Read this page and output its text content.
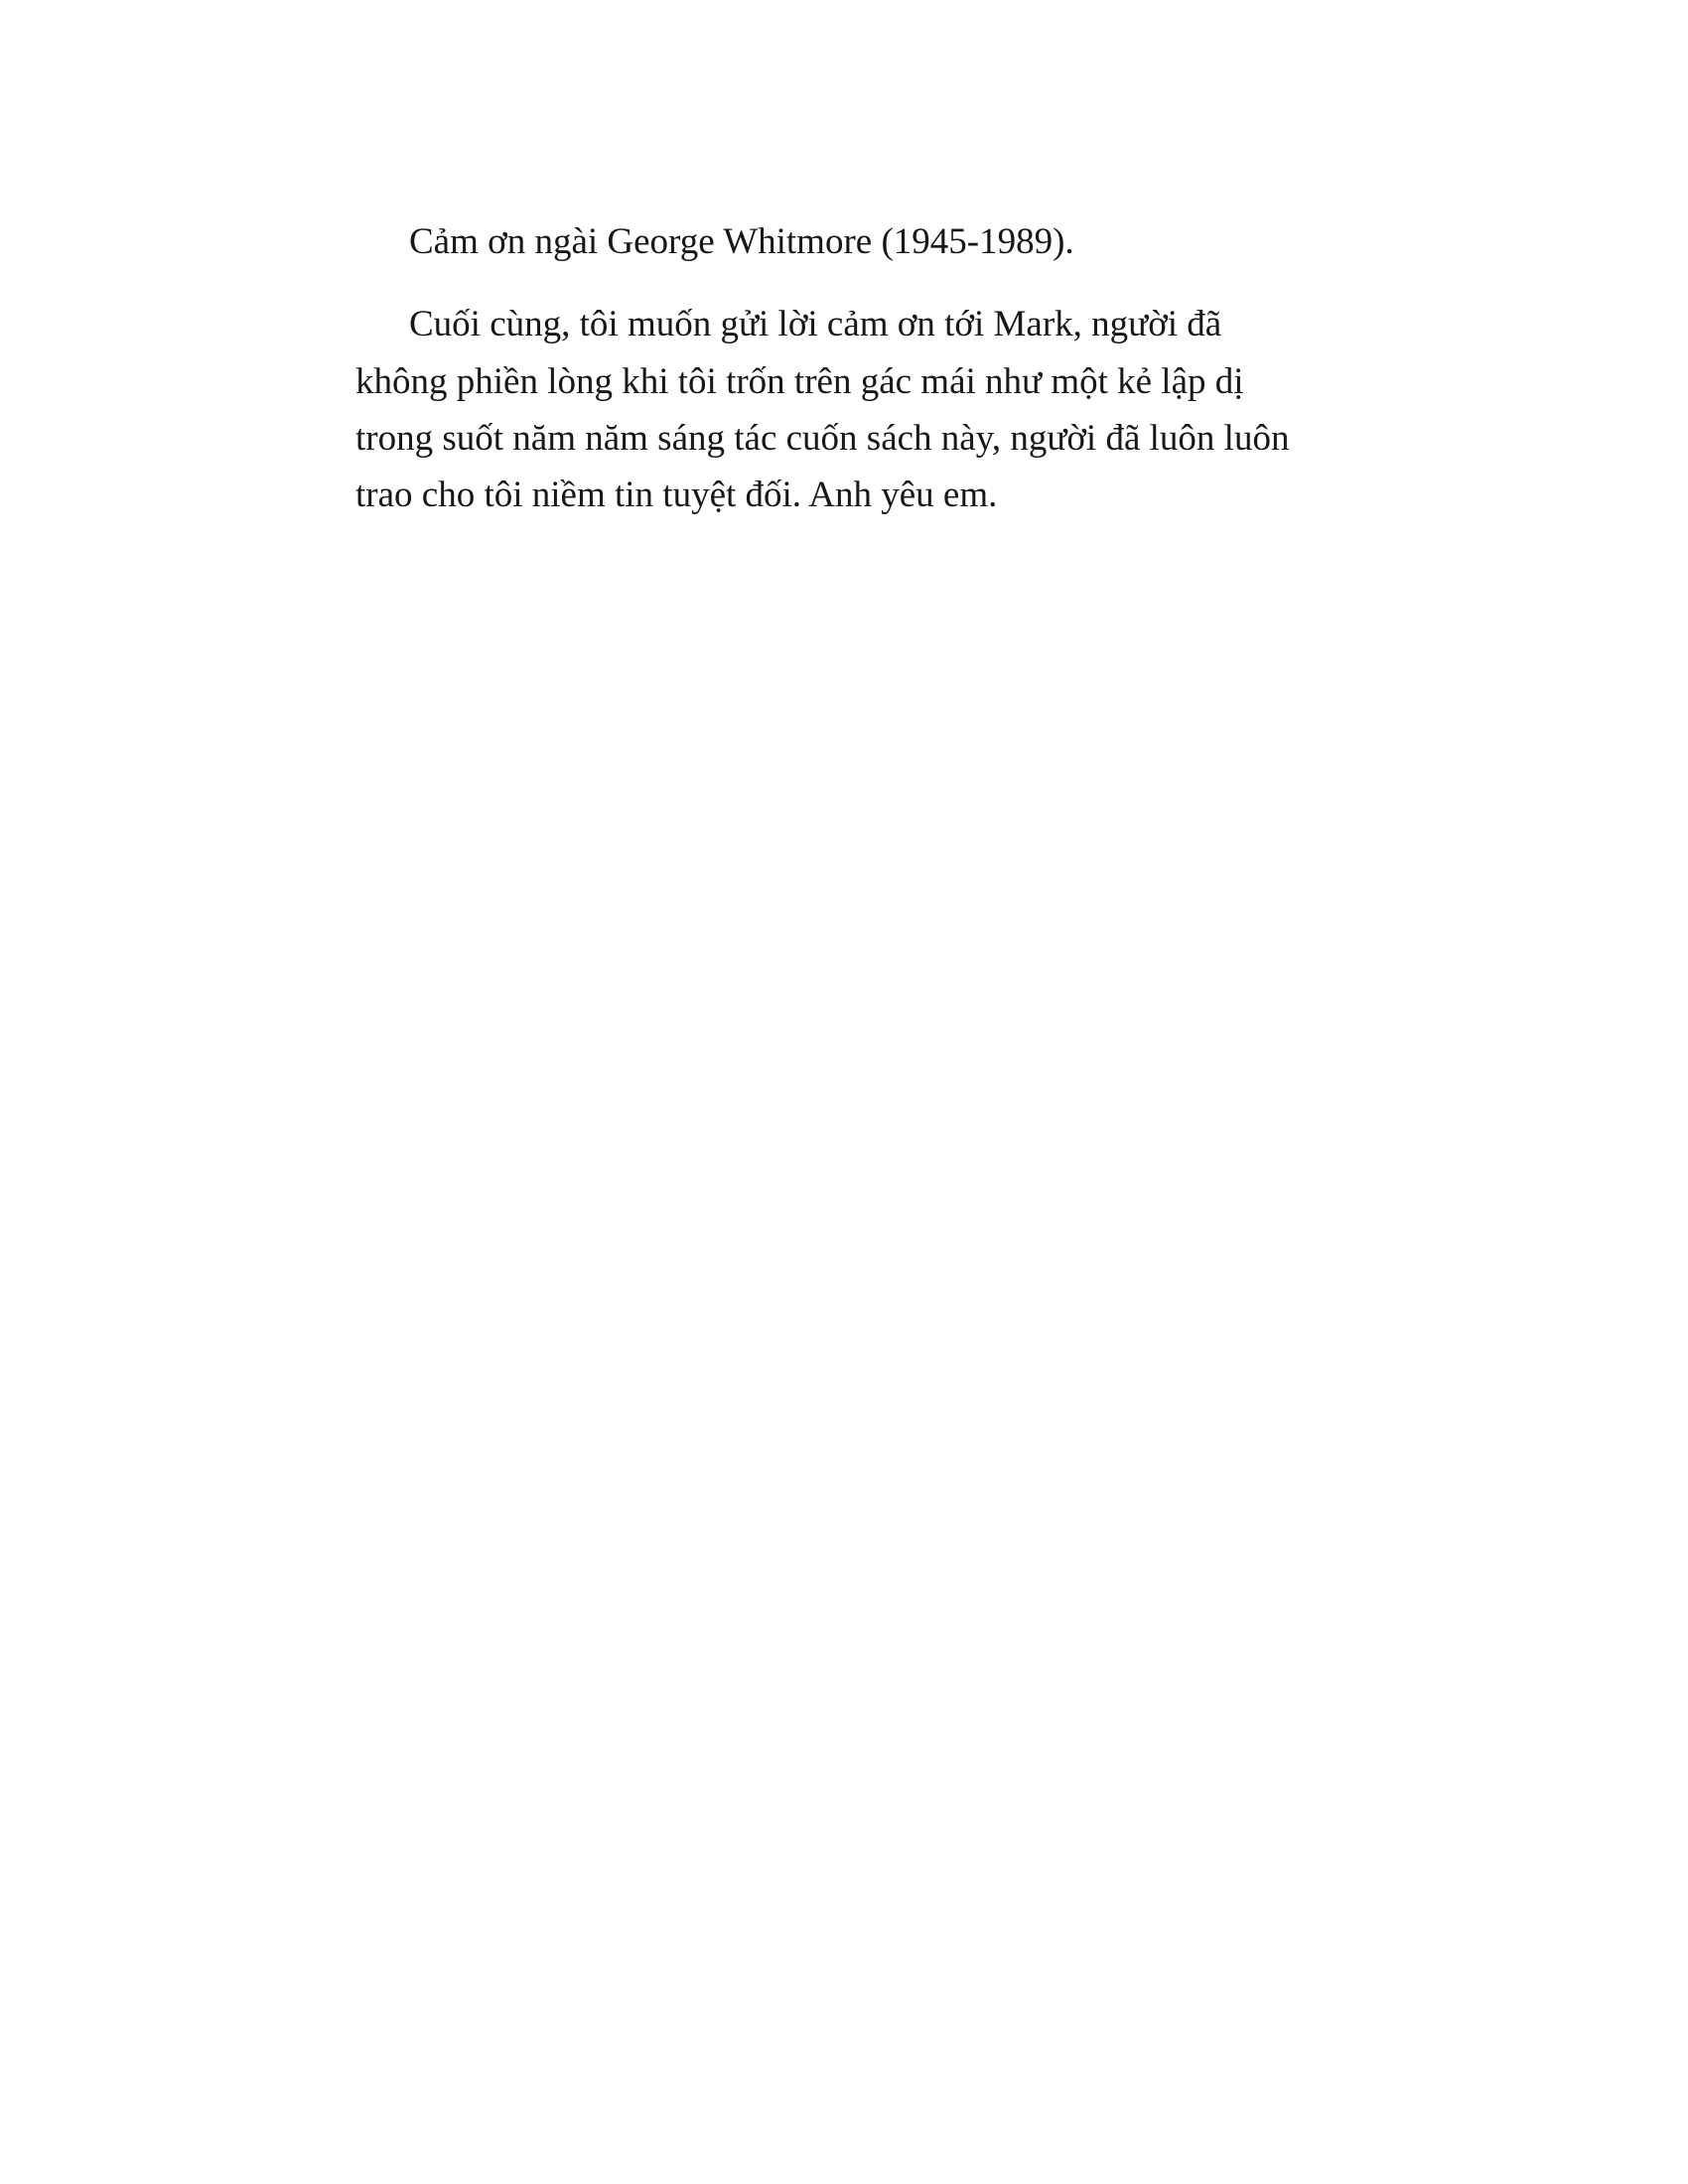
Cảm ơn ngài George Whitmore (1945-1989).

Cuối cùng, tôi muốn gửi lời cảm ơn tới Mark, người đã không phiền lòng khi tôi trốn trên gác mái như một kẻ lập dị trong suốt năm năm sáng tác cuốn sách này, người đã luôn luôn trao cho tôi niềm tin tuyệt đối. Anh yêu em.
